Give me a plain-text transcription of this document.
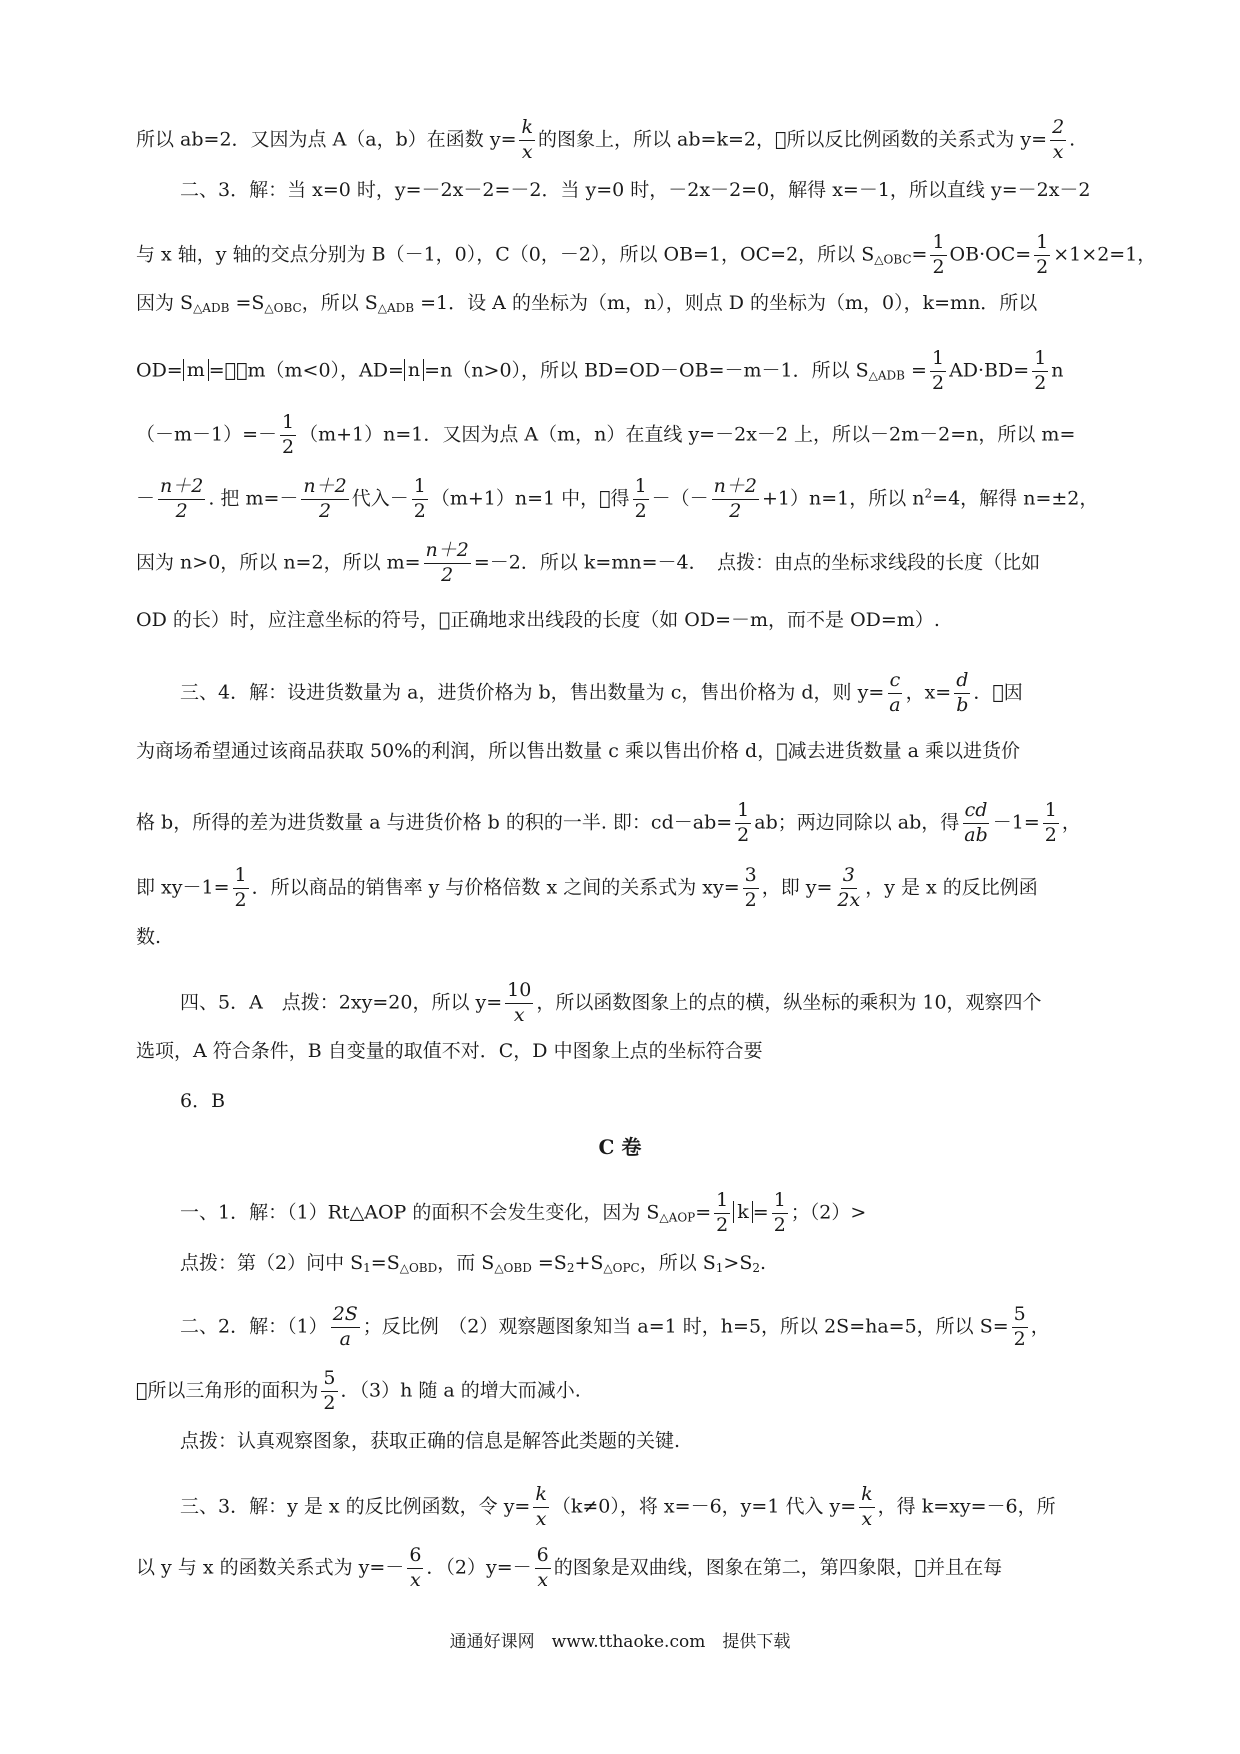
所以 ab=2．又因为点 A（a，b）在函数 $y= \frac{k}{x}$ 的图象上，所以 ab=k=2， 所以反比例函数的关系式为 $y= \frac{2}{x}$ .
二、3．解：当 x=0 时，y=－2x－2=－2．当 y=0 时，－2x－2=0，解得 x=－1，所以直线 y=－2x－2
与 x 轴，y 轴的交点分别为 B（－1，0），C（0，－2），所以 OB=1，OC=2，所以 $S_{\triangle OBC}= \frac{1}{2} OB\cdot OC= \frac{1}{2} \times 1\times 2=1$，
因为 $S_{\triangle ADB} =S_{\triangle OBC}$，所以 $S_{\triangle ADB} =1$．设 A 的坐标为（m，n），则点 D 的坐标为（m，0），k=mn．所以
OD= m = －m（m<0），AD= n =n（n>0），所以 BD=OD－OB=－m－1．所以 $S_{\triangle ADB} = \frac{1}{2} AD\cdot BD= \frac{1}{2}$ n
$(-m-1)=- \frac{1}{2} (m+1)n=1$．又因为点 A（m，n）在直线 y=－2x－2 上，所以－2m－2=n，所以 m=
－ $\frac{n+2}{2}$ . 把 $m=- \frac{n+2}{2}$ 代入－ $\frac{1}{2} (m+1)n=1$ 中， 得 $\frac{1}{2}$ －（－ $\frac{n+2}{2} +1)n=1$，所以 $n^2=4$，解得 n=±2，
因为 n>0，所以 n=2，所以 $m= \frac{n+2}{2} =-2$．所以 k=mn=－4．　点拨：由点的坐标求线段的长度（比如
OD 的长）时，应注意坐标的符号， 正确地求出线段的长度（如 OD=－m，而不是 OD=m）.
三、4．解：设进货数量为 a，进货价格为 b，售出数量为 c，售出价格为 d，则 $y= \frac{c}{a}$ ，$x= \frac{d}{b}$ ． 因
为商场希望通过该商品获取 50%的利润，所以售出数量 c 乘以售出价格 d， 减去进货数量 a 乘以进货价
格 b，所得的差为进货数量 a 与进货价格 b 的积的一半. 即：$cd-ab= \frac{1}{2}$ ab；两边同除以 ab，得 $\frac{cd}{ab} -1= \frac{1}{2}$ ，
即 $xy-1= \frac{1}{2}$ ．所以商品的销售率 y 与价格倍数 x 之间的关系式为 $xy= \frac{3}{2}$ ，即 $y= \frac{3}{2x}$ ，y 是 x 的反比例函
数.
四、5．A　点拨：2xy=20，所以 $y= \frac{10}{x}$ ，所以函数图象上的点的横，纵坐标的乘积为 10，观察四个
选项，A 符合条件，B 自变量的取值不对．C，D 中图象上点的坐标符合要
6．B
C 卷
一、1．解：（1）Rt△AOP 的面积不会发生变化，因为 $S_{\triangle AOP}= \frac{1}{2}$ $k = \frac{1}{2}$ ；（2）>
点拨：第（2）问中 $S_1=S_{\triangle OBD}$，而 $S_{\triangle OBD} =S_2+S_{\triangle OPC}$，所以 $S_1>S_2$.
二、2．解：$(1) \frac{2S}{a}$ ；反比例　（2）观察题图象知当 a=1 时，h=5，所以 2S=ha=5，所以 $S= \frac{5}{2}$ ，
 所以三角形的面积为 $\frac{5}{2}$ ．（3）h 随 a 的增大而减小.
点拨：认真观察图象，获取正确的信息是解答此类题的关键.
三、3．解：y 是 x 的反比例函数，令 $y= \frac{k}{x} (k\ne 0)$，将 x=－6，y=1 代入 $y= \frac{k}{x}$ ，得 k=xy=－6，所
以 y 与 x 的函数关系式为 $y=- \frac{6}{x}$ ．$(2)y=- \frac{6}{x}$ 的图象是双曲线，图象在第二，第四象限， 并且在每
通通好课网　www.tthaoke.com　提供下载
